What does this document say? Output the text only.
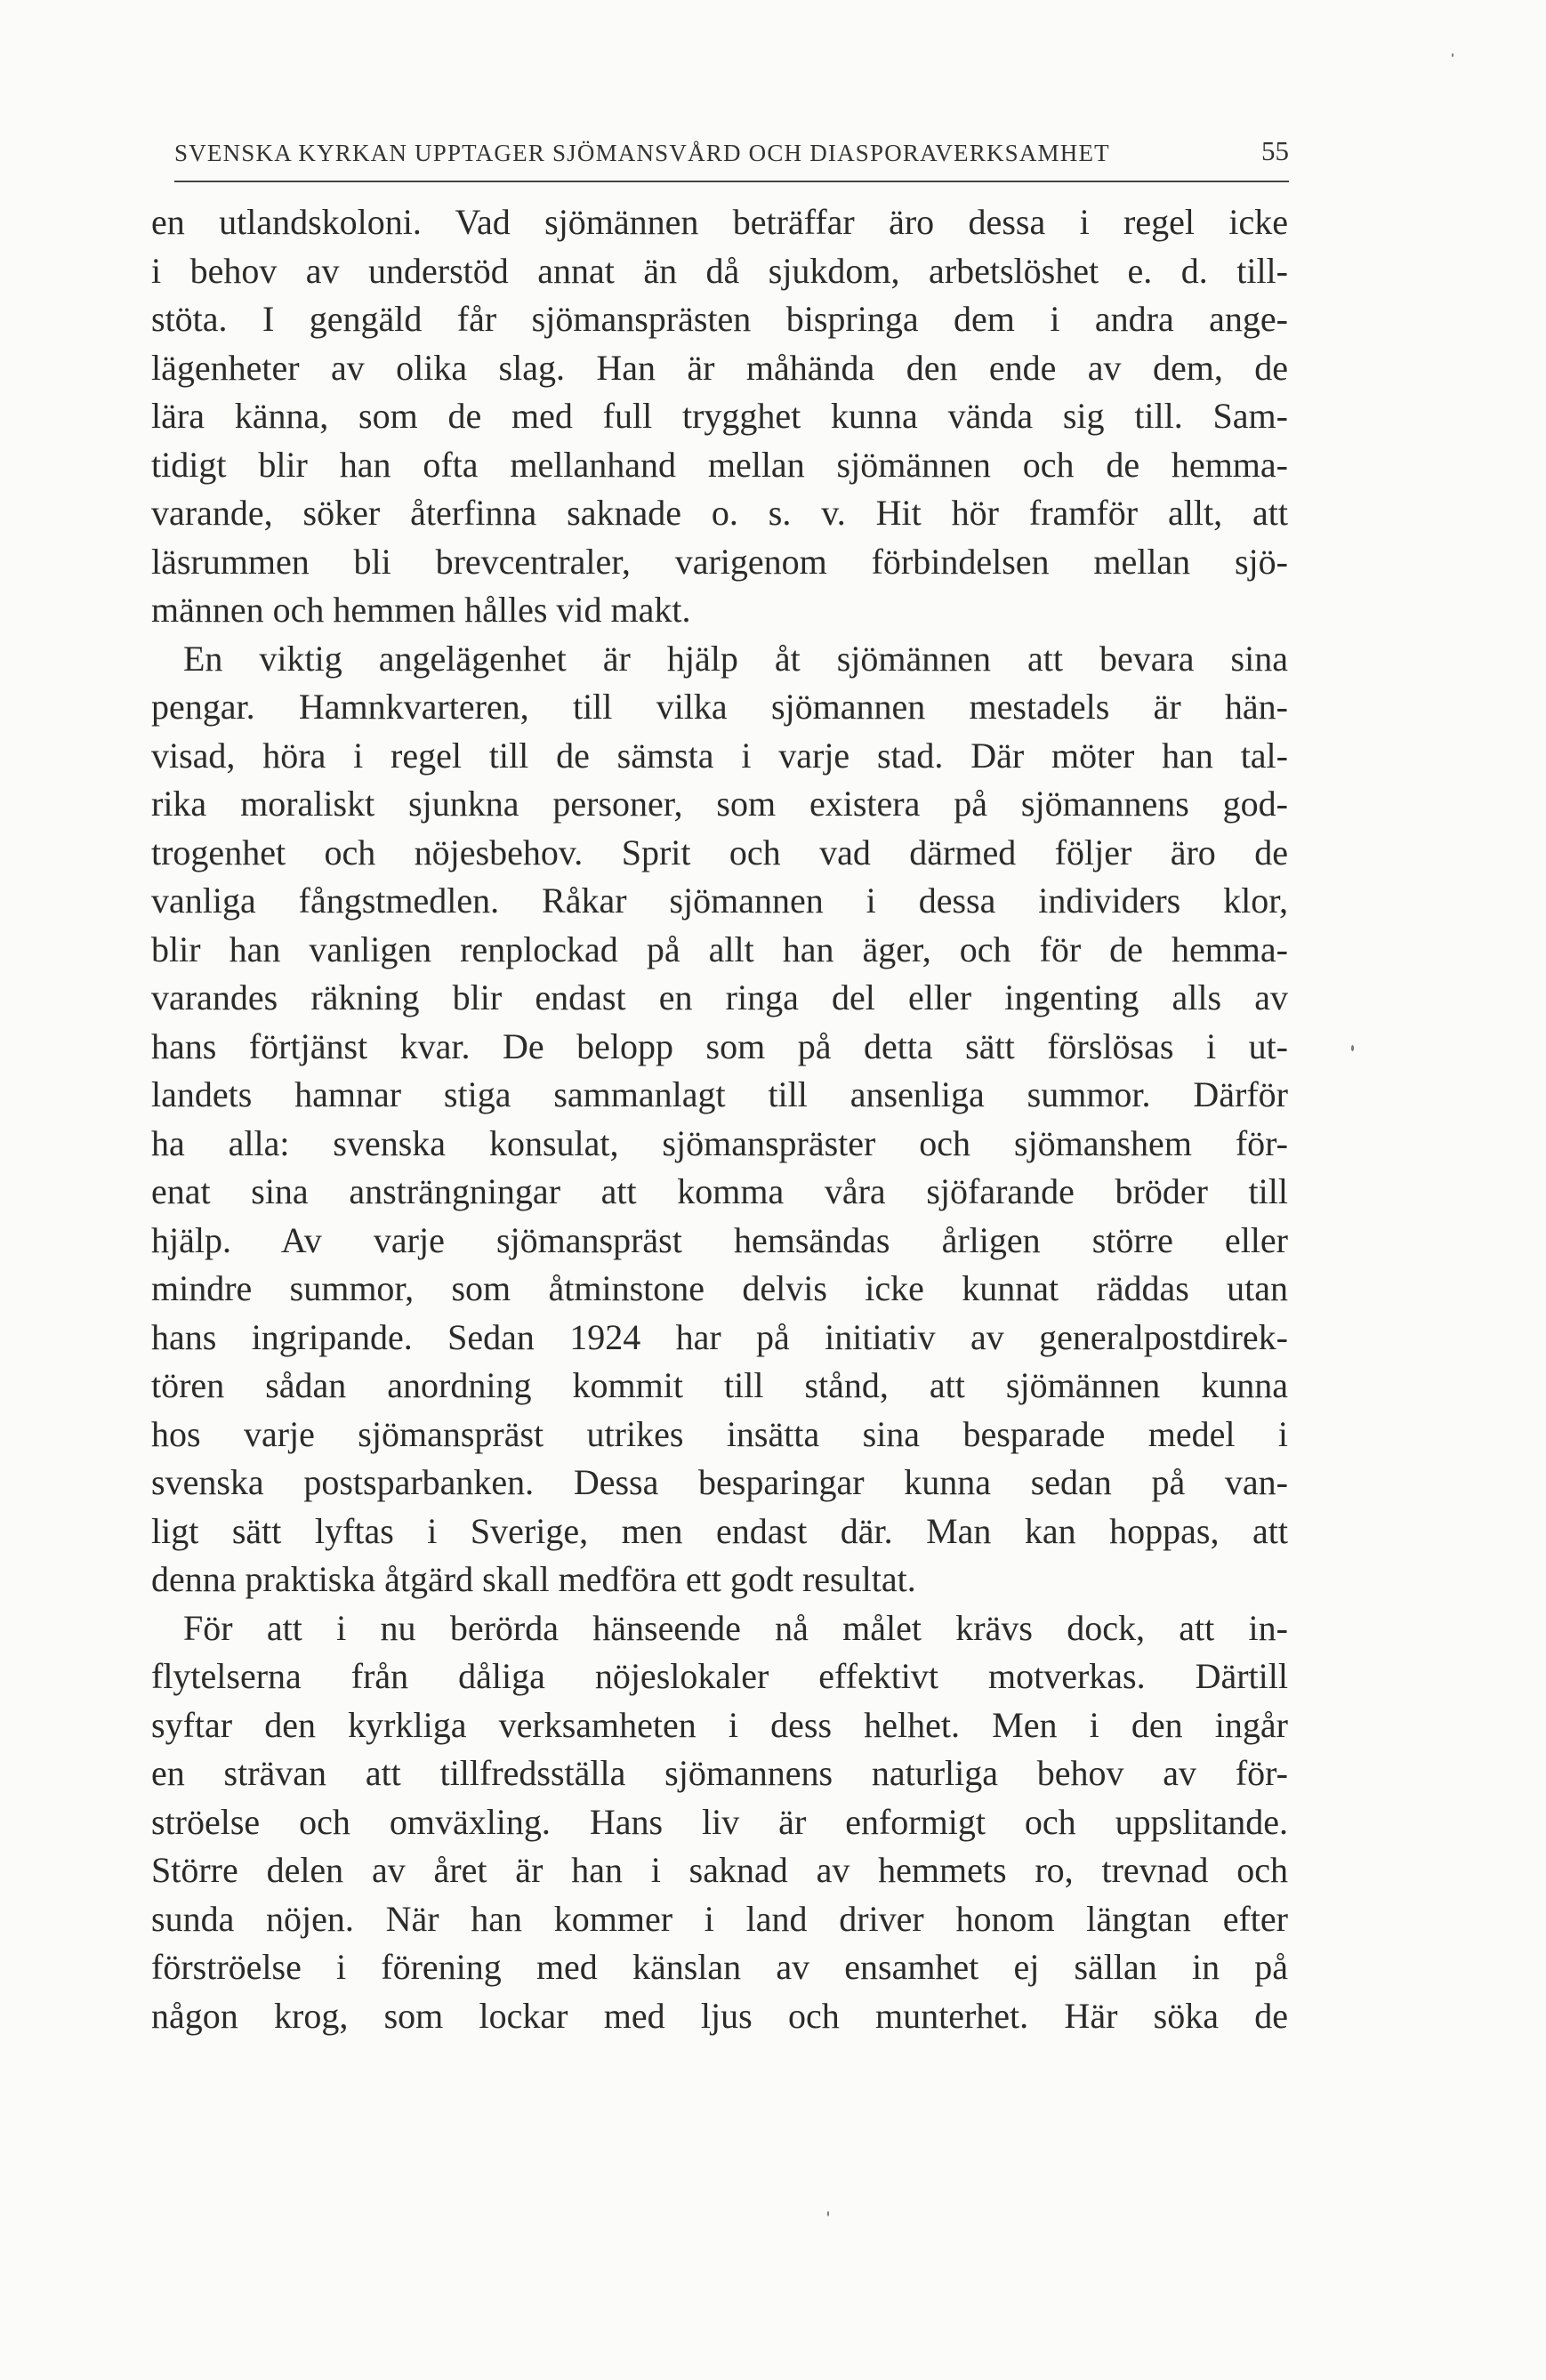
SVENSKA KYRKAN UPPTAGER SJÖMANSVÅRD OCH DIASPORAVERKSAMHET	55
en utlandskoloni. Vad sjömännen beträffar äro dessa i regel icke
i behov av understöd annat än då sjukdom, arbetslöshet e. d. till-
stöta. I gengäld får sjömansprästen bispringa dem i andra ange-
lägenheter av olika slag. Han är måhända den ende av dem, de
lära känna, som de med full trygghet kunna vända sig till. Sam-
tidigt blir han ofta mellanhand mellan sjömännen och de hemma-
varande, söker återfinna saknade o. s. v. Hit hör framför allt, att
läsrummen bli brevcentraler, varigenom förbindelsen mellan sjö-
männen och hemmen hålles vid makt.
En viktig angelägenhet är hjälp åt sjömännen att bevara sina
pengar. Hamnkvarteren, till vilka sjömannen mestadels är hän-
visad, höra i regel till de sämsta i varje stad. Där möter han tal-
rika moraliskt sjunkna personer, som existera på sjömannens god-
trogenhet och nöjesbehov. Sprit och vad därmed följer äro de
vanliga fångstmedlen. Råkar sjömannen i dessa individers klor,
blir han vanligen renplockad på allt han äger, och för de hemma-
varandes räkning blir endast en ringa del eller ingenting alls av
hans förtjänst kvar. De belopp som på detta sätt förslösas i ut-
landets hamnar stiga sammanlagt till ansenliga summor. Därför
ha alla: svenska konsulat, sjömanspräster och sjömanshem för-
enat sina ansträngningar att komma våra sjöfarande bröder till
hjälp. Av varje sjömanspräst hemsändas årligen större eller
mindre summor, som åtminstone delvis icke kunnat räddas utan
hans ingripande. Sedan 1924 har på initiativ av generalpostdirek-
tören sådan anordning kommit till stånd, att sjömännen kunna
hos varje sjömanspräst utrikes insätta sina besparade medel i
svenska postsparbanken. Dessa besparingar kunna sedan på van-
ligt sätt lyftas i Sverige, men endast där. Man kan hoppas, att
denna praktiska åtgärd skall medföra ett godt resultat.
För att i nu berörda hänseende nå målet krävs dock, att in-
flytelserna från dåliga nöjeslokaler effektivt motverkas. Därtill
syftar den kyrkliga verksamheten i dess helhet. Men i den ingår
en strävan att tillfredsställa sjömannens naturliga behov av för-
ströelse och omväxling. Hans liv är enformigt och uppslitande.
Större delen av året är han i saknad av hemmets ro, trevnad och
sunda nöjen. När han kommer i land driver honom längtan efter
förströelse i förening med känslan av ensamhet ej sällan in på
någon krog, som lockar med ljus och munterhet. Här söka de
